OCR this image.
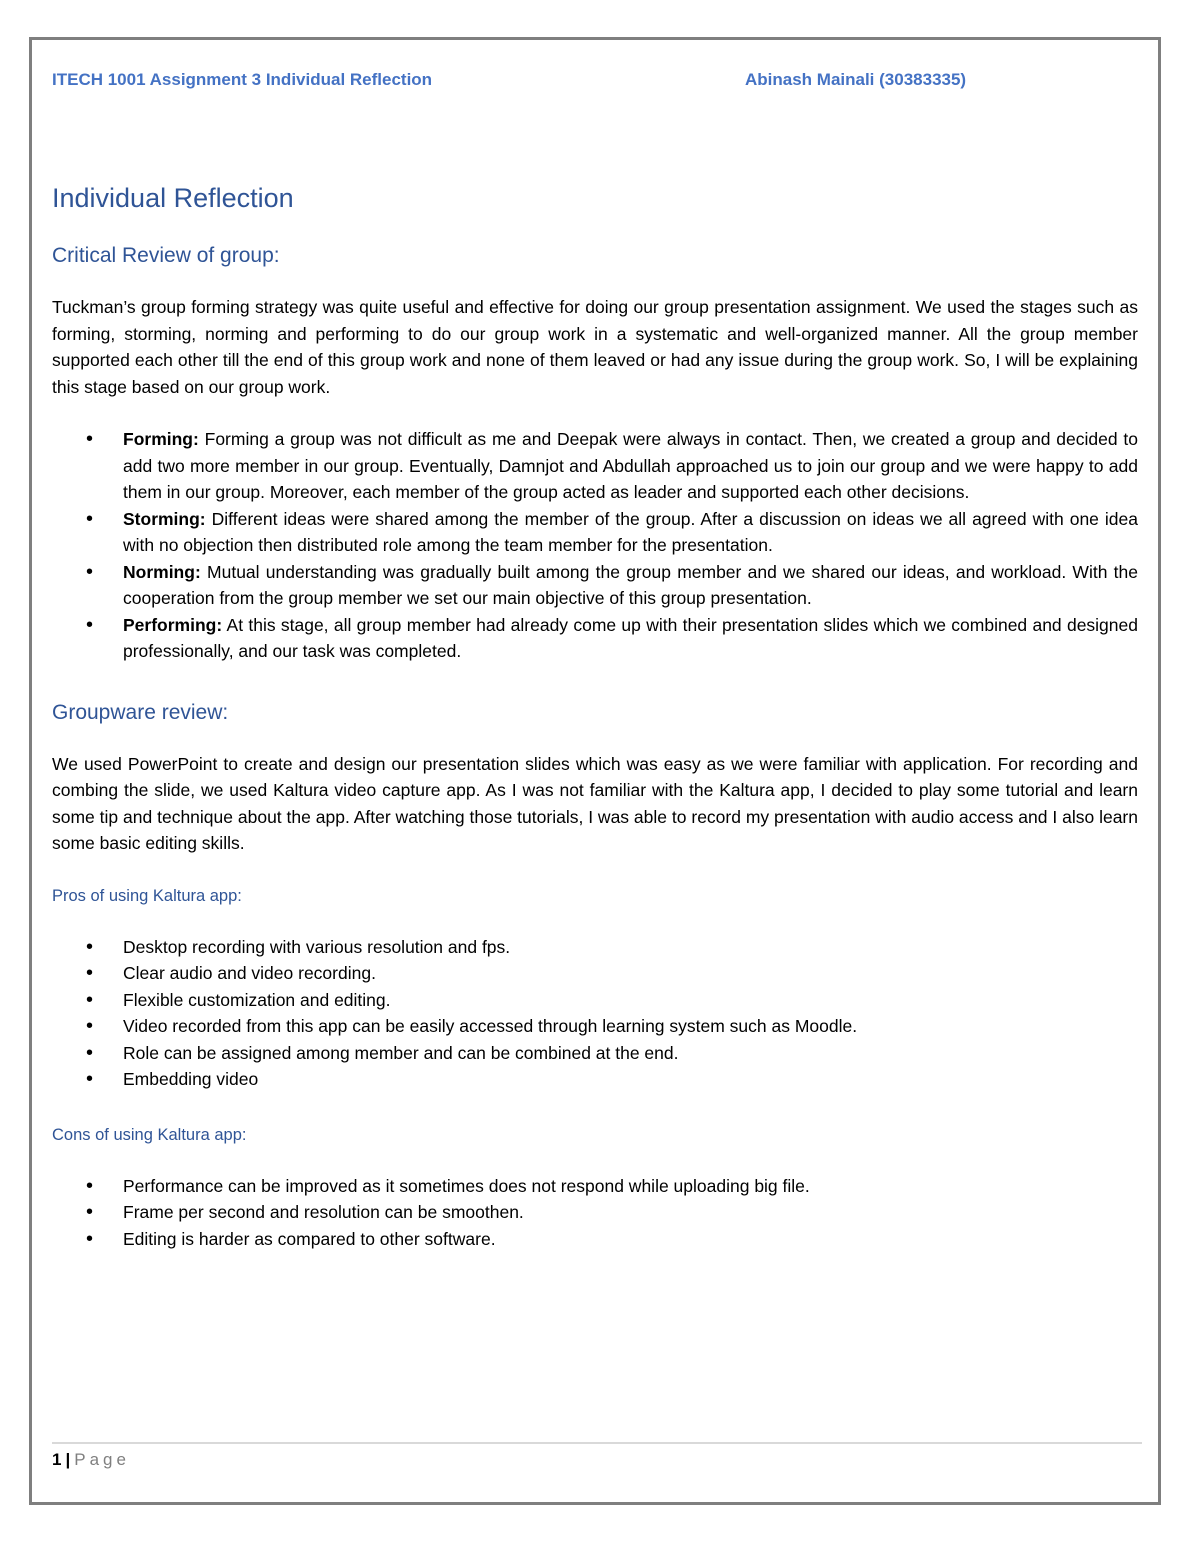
ITECH 1001 Assignment 3 Individual Reflection	Abinash Mainali (30383335)
Individual Reflection
Critical Review of group:

Tuckman’s group forming strategy was quite useful and effective for doing our group presentation assignment. We used the stages such as forming, storming, norming and performing to do our group work in a systematic and well-organized manner. All the group member supported each other till the end of this group work and none of them leaved or had any issue during the group work. So, I will be explaining this stage based on our group work.

• Forming: Forming a group was not difficult as me and Deepak were always in contact. Then, we created a group and decided to add two more member in our group. Eventually, Damnjot and Abdullah approached us to join our group and we were happy to add them in our group. Moreover, each member of the group acted as leader and supported each other decisions.
• Storming: Different ideas were shared among the member of the group. After a discussion on ideas we all agreed with one idea with no objection then distributed role among the team member for the presentation.
• Norming: Mutual understanding was gradually built among the group member and we shared our ideas, and workload. With the cooperation from the group member we set our main objective of this group presentation.
• Performing: At this stage, all group member had already come up with their presentation slides which we combined and designed professionally, and our task was completed.
Groupware review:

We used PowerPoint to create and design our presentation slides which was easy as we were familiar with application. For recording and combing the slide, we used Kaltura video capture app. As I was not familiar with the Kaltura app, I decided to play some tutorial and learn some tip and technique about the app. After watching those tutorials, I was able to record my presentation with audio access and I also learn some basic editing skills.

Pros of using Kaltura app:
• Desktop recording with various resolution and fps.
• Clear audio and video recording.
• Flexible customization and editing.
• Video recorded from this app can be easily accessed through learning system such as Moodle.
• Role can be assigned among member and can be combined at the end.
• Embedding video
Cons of using Kaltura app:
• Performance can be improved as it sometimes does not respond while uploading big file.
• Frame per second and resolution can be smoothen.
• Editing is harder as compared to other software.
1 | Page
